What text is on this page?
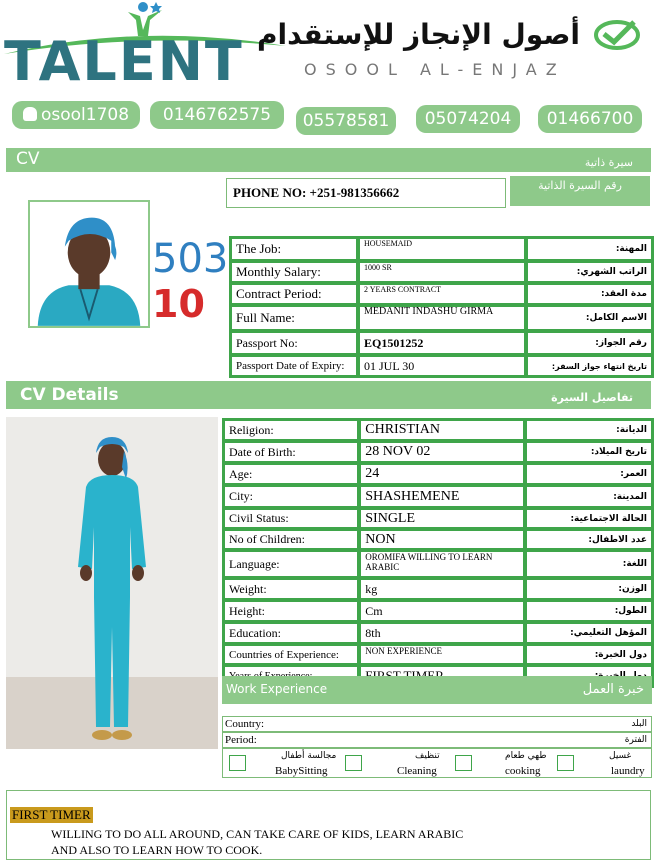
TALENT أصول الإنجاز للإستقدام
OSOOL AL-ENJAZ
osool1708	0146762575	05578581	05074204	01466700
CV	سيرة ذاتية
PHONE NO: +251-981356662	رقم السيرة الذاتية
503
10
The Job:	HOUSEMAID	المهنة:
Monthly Salary:	1000 SR	الراتب الشهري:
Contract Period:	2 YEARS CONTRACT	مدة العقد:
Full Name:	MEDANIT INDASHU GIRMA	الاسم الكامل:
Passport No:	EQ1501252	رقم الجواز:
Passport Date of Expiry:	01 JUL 30	تاريخ انتهاء جواز السفر:
CV Details	تفاصيل السيرة
Religion:	CHRISTIAN	الديانة:
Date of Birth:	28 NOV 02	تاريخ الميلاد:
Age:	24	العمر:
City:	SHASHEMENE	المدينة:
Civil Status:	SINGLE	الحالة الاجتماعية:
No of Children:	NON	عدد الاطفال:
Language:	OROMIFA WILLING TO LEARN ARABIC	اللغة:
Weight:	kg	الوزن:
Height:	Cm	الطول:
Education:	8th	المؤهل التعليمي:
Countries of Experience:	NON EXPERIENCE	دول الخبرة:

Work Experience	خبرة العمل
Country:	البلد
Period:	الفترة
مجالسة أطفال
BabySitting
تنظيف
Cleaning
طهي طعام
cooking
غسيل
laundry
FIRST TIMER
WILLING TO DO ALL AROUND, CAN TAKE CARE OF KIDS, LEARN ARABIC
AND ALSO TO LEARN HOW TO COOK.
